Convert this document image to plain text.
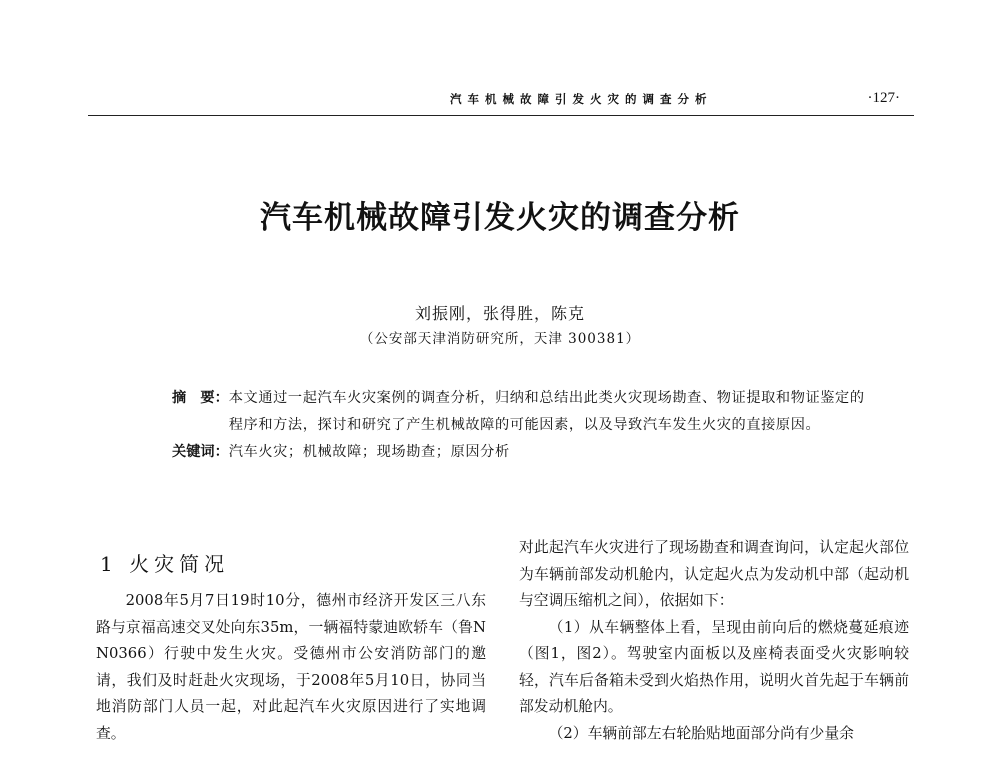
汽车机械故障引发火灾的调查分析	·127·
汽车机械故障引发火灾的调查分析
刘振刚，张得胜，陈克
（公安部天津消防研究所，天津 300381）
摘　要： 本文通过一起汽车火灾案例的调查分析，归纳和总结出此类火灾现场勘查、物证提取和物证鉴定的程序和方法，探讨和研究了产生机械故障的可能因素，以及导致汽车发生火灾的直接原因。
关键词： 汽车火灾；机械故障；现场勘查；原因分析
1 火灾简况

2008年5月7日19时10分，德州市经济开发区三八东路与京福高速交叉处向东35m，一辆福特蒙迪欧轿车（鲁N N0366）行驶中发生火灾。受德州市公安消防部门的邀请，我们及时赶赴火灾现场，于2008年5月10日，协同当地消防部门人员一起，对此起汽车火灾原因进行了实地调查。

对此起汽车火灾进行了现场勘查和调查询问，认定起火部位为车辆前部发动机舱内，认定起火点为发动机中部（起动机与空调压缩机之间），依据如下：

（1）从车辆整体上看，呈现由前向后的燃烧蔓延痕迹（图1，图2）。驾驶室内面板以及座椅表面受火灾影响较轻，汽车后备箱未受到火焰热作用，说明火首先起于车辆前部发动机舱内。

（2）车辆前部左右轮胎贴地面部分尚有少量余
